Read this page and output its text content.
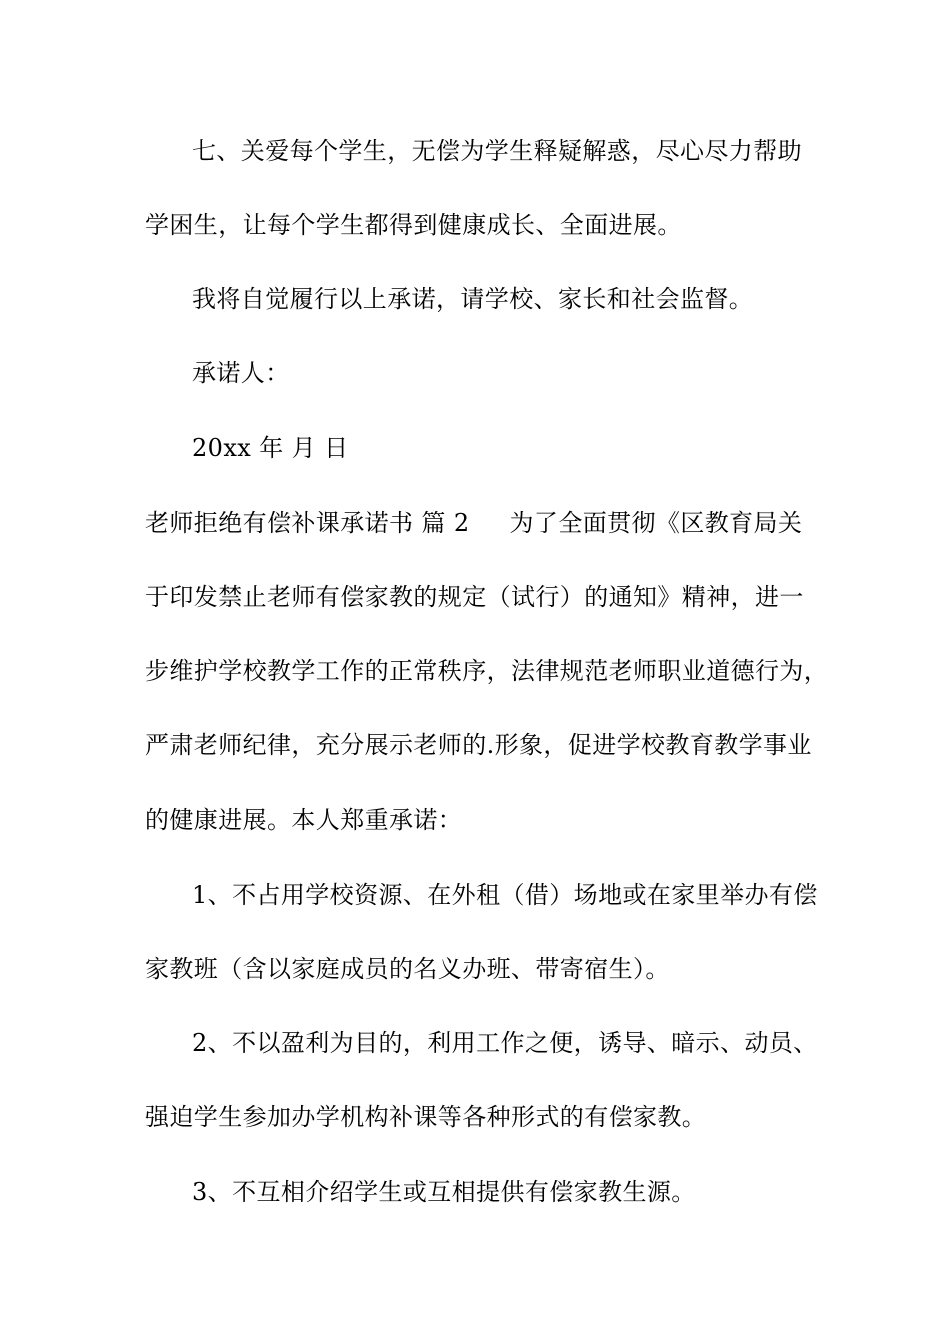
七、关爱每个学生，无偿为学生释疑解惑，尽心尽力帮助

学困生，让每个学生都得到健康成长、全面进展。

我将自觉履行以上承诺，请学校、家长和社会监督。

承诺人：

20xx 年 月 日

老师拒绝有偿补课承诺书 篇 2 为了全面贯彻《区教育局关

于印发禁止老师有偿家教的规定（试行）的通知》精神，进一

步维护学校教学工作的正常秩序，法律规范老师职业道德行为，

严肃老师纪律，充分展示老师的.形象，促进学校教育教学事业

的健康进展。本人郑重承诺：

1、不占用学校资源、在外租（借）场地或在家里举办有偿

家教班（含以家庭成员的名义办班、带寄宿生）。

2、不以盈利为目的，利用工作之便，诱导、暗示、动员、

强迫学生参加办学机构补课等各种形式的有偿家教。

3、不互相介绍学生或互相提供有偿家教生源。
